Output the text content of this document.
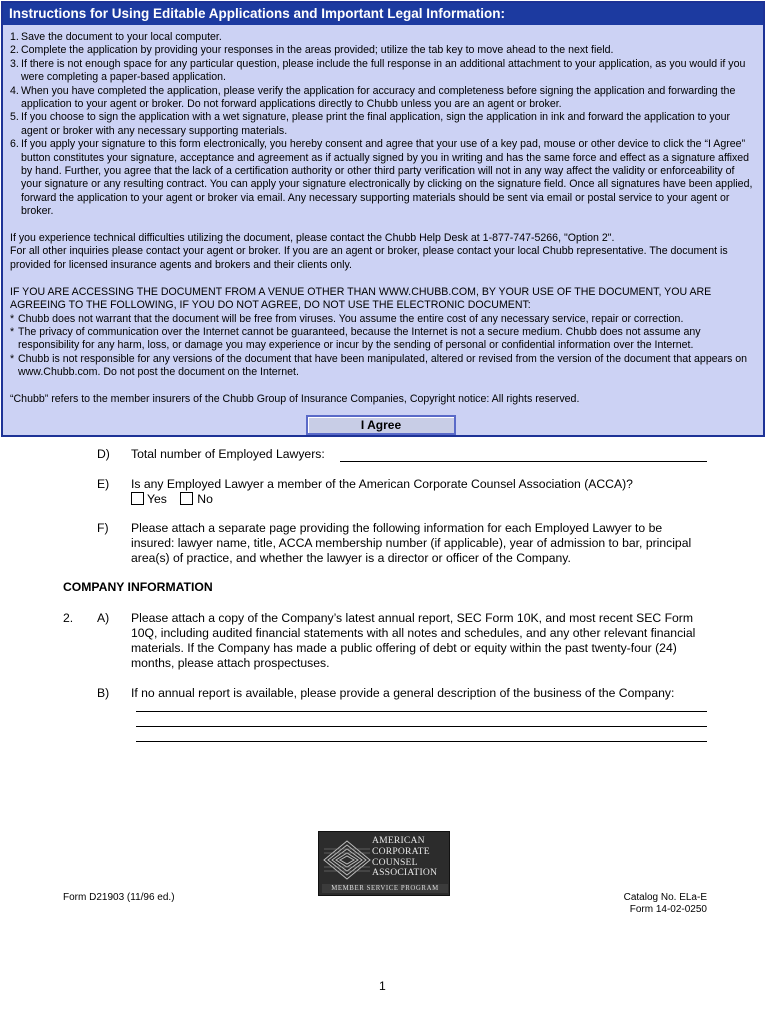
Instructions for Using Editable Applications and Important Legal Information:
1. Save the document to your local computer.
2. Complete the application by providing your responses in the areas provided; utilize the tab key to move ahead to the next field.
3. If there is not enough space for any particular question, please include the full response in an additional attachment to your application, as you would if you were completing a paper-based application.
4. When you have completed the application, please verify the application for accuracy and completeness before signing the application and forwarding the application to your agent or broker. Do not forward applications directly to Chubb unless you are an agent or broker.
5. If you choose to sign the application with a wet signature, please print the final application, sign the application in ink and forward the application to your agent or broker with any necessary supporting materials.
6. If you apply your signature to this form electronically, you hereby consent and agree that your use of a key pad, mouse or other device to click the “I Agree” button constitutes your signature, acceptance and agreement as if actually signed by you in writing and has the same force and effect as a signature affixed by hand. Further, you agree that the lack of a certification authority or other third party verification will not in any way affect the validity or enforceability of your signature or any resulting contract. You can apply your signature electronically by clicking on the signature field. Once all signatures have been applied, forward the application to your agent or broker via email. Any necessary supporting materials should be sent via email or postal service to your agent or broker.

If you experience technical difficulties utilizing the document, please contact the Chubb Help Desk at 1-877-747-5266, "Option 2".

For all other inquiries please contact your agent or broker. If you are an agent or broker, please contact your local Chubb representative. The document is provided for licensed insurance agents and brokers and their clients only.

IF YOU ARE ACCESSING THE DOCUMENT FROM A VENUE OTHER THAN WWW.CHUBB.COM, BY YOUR USE OF THE DOCUMENT, YOU ARE AGREEING TO THE FOLLOWING, IF YOU DO NOT AGREE, DO NOT USE THE ELECTRONIC DOCUMENT:

* Chubb does not warrant that the document will be free from viruses. You assume the entire cost of any necessary service, repair or correction.
* The privacy of communication over the Internet cannot be guaranteed, because the Internet is not a secure medium. Chubb does not assume any responsibility for any harm, loss, or damage you may experience or incur by the sending of personal or confidential information over the Internet.
* Chubb is not responsible for any versions of the document that have been manipulated, altered or revised from the version of the document that appears on www.Chubb.com. Do not post the document on the Internet.

“Chubb” refers to the member insurers of the Chubb Group of Insurance Companies, Copyright notice: All rights reserved.

I Agree
D) Total number of Employed Lawyers:
E) Is any Employed Lawyer a member of the American Corporate Counsel Association (ACCA)?
Yes No
F) Please attach a separate page providing the following information for each Employed Lawyer to be insured: lawyer name, title, ACCA membership number (if applicable), year of admission to bar, principal area(s) of practice, and whether the lawyer is a director or officer of the Company.
COMPANY INFORMATION
2. A) Please attach a copy of the Company’s latest annual report, SEC Form 10K, and most recent SEC Form 10Q, including audited financial statements with all notes and schedules, and any other relevant financial materials. If the Company has made a public offering of debt or equity within the past twenty-four (24) months, please attach prospectuses.
B) If no annual report is available, please provide a general description of the business of the Company:
AMERICAN
CORPORATE
COUNSEL
ASSOCIATION
MEMBER SERVICE PROGRAM
Form D21903 (11/96 ed.)	Catalog No. ELa-E
Form 14-02-0250
1
